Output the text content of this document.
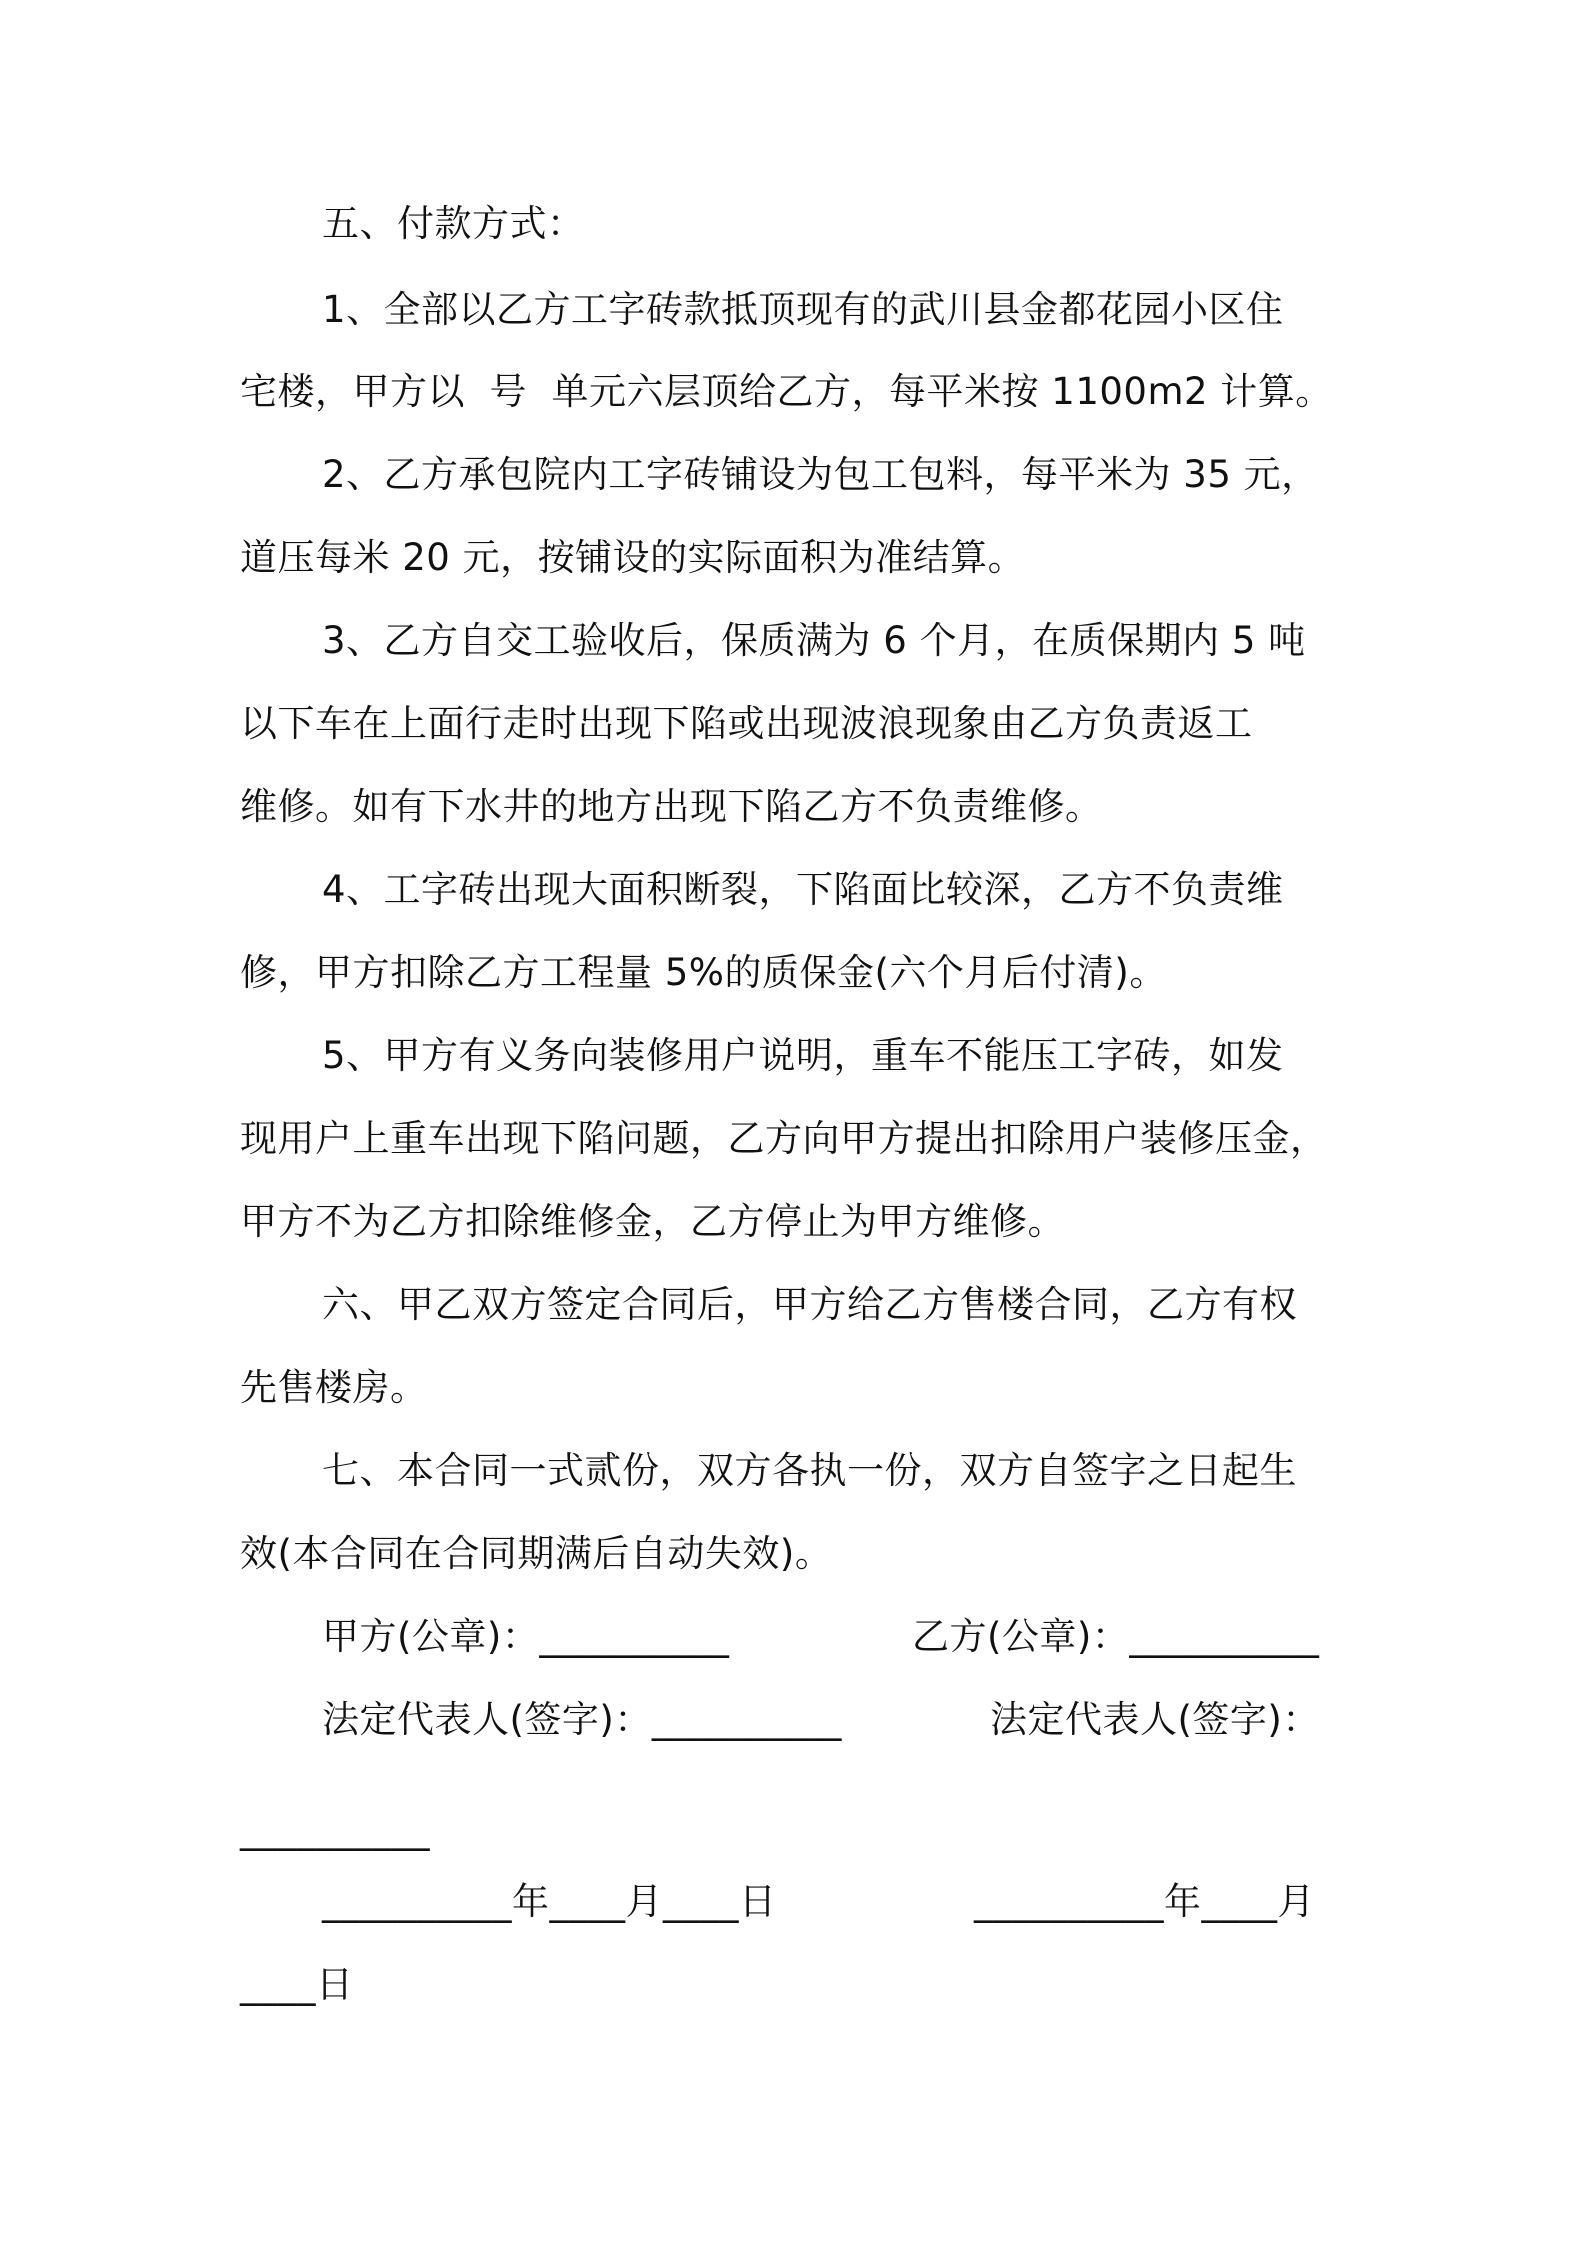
五、付款方式：
1、全部以乙方工字砖款抵顶现有的武川县金都花园小区住
宅楼，甲方以  号  单元六层顶给乙方，每平米按 1100m2 计算。
2、乙方承包院内工字砖铺设为包工包料，每平米为 35 元，
道压每米 20 元，按铺设的实际面积为准结算。
3、乙方自交工验收后，保质满为 6 个月，在质保期内 5 吨
以下车在上面行走时出现下陷或出现波浪现象由乙方负责返工
维修。如有下水井的地方出现下陷乙方不负责维修。
4、工字砖出现大面积断裂，下陷面比较深，乙方不负责维
修，甲方扣除乙方工程量 5%的质保金(六个月后付清)。
5、甲方有义务向装修用户说明，重车不能压工字砖，如发
现用户上重车出现下陷问题，乙方向甲方提出扣除用户装修压金，
甲方不为乙方扣除维修金，乙方停止为甲方维修。
六、甲乙双方签定合同后，甲方给乙方售楼合同，乙方有权
先售楼房。
七、本合同一式贰份，双方各执一份，双方自签字之日起生
效(本合同在合同期满后自动失效)。
甲方(公章)：__________	乙方(公章)：__________
法定代表人(签字)：__________	法定代表人(签字)：
__________
__________年____月____日	__________年____月
____日
